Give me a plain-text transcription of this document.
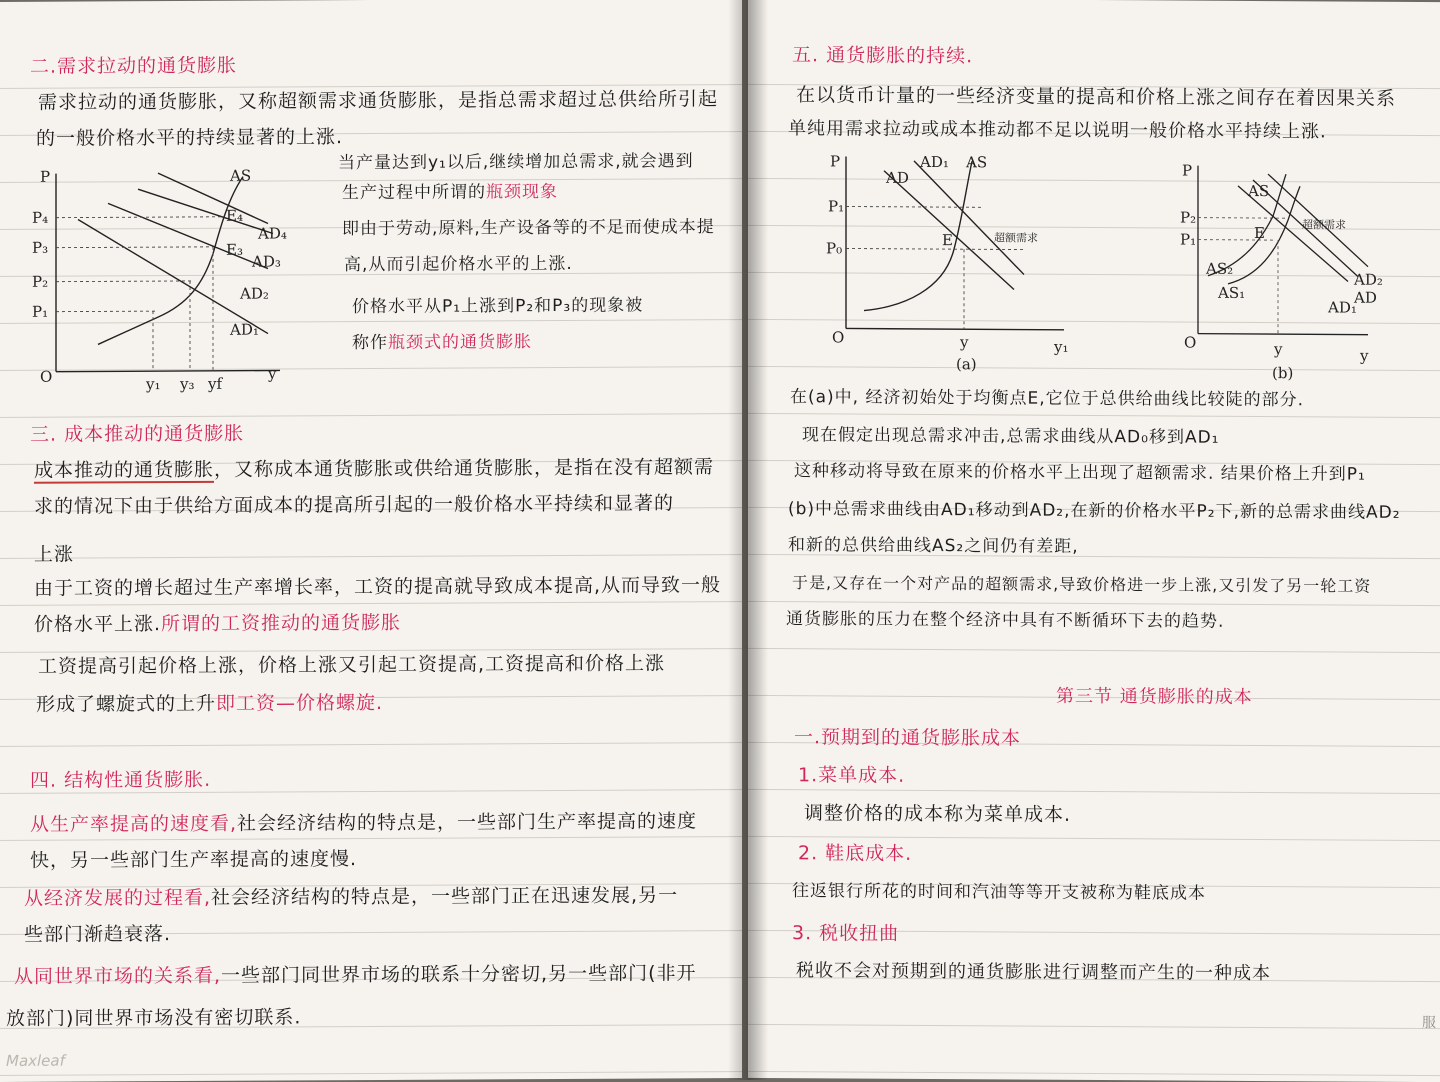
二.需求拉动的通货膨胀
需求拉动的通货膨胀，又称超额需求通货膨胀，是指总需求超过总供给所引起
的一般价格水平的持续显著的上涨.
P
P₄
P₃
P₂
P₁
O
AS
E₄
E₃
AD₄
AD₃
AD₂
AD₁
y₁ y₃ yf
y
当产量达到y₁以后,继续增加总需求,就会遇到
生产过程中所谓的瓶颈现象
即由于劳动,原料,生产设备等的不足而使成本提
高,从而引起价格水平的上涨.
价格水平从P₁上涨到P₂和P₃的现象被
称作瓶颈式的通货膨胀
三. 成本推动的通货膨胀
成本推动的通货膨胀，又称成本通货膨胀或供给通货膨胀，是指在没有超额需
求的情况下由于供给方面成本的提高所引起的一般价格水平持续和显著的
上涨
由于工资的增长超过生产率增长率，工资的提高就导致成本提高,从而导致一般
价格水平上涨.所谓的工资推动的通货膨胀
工资提高引起价格上涨，价格上涨又引起工资提高,工资提高和价格上涨
形成了螺旋式的上升即工资—价格螺旋.
四. 结构性通货膨胀.
从生产率提高的速度看,社会经济结构的特点是，一些部门生产率提高的速度
快，另一些部门生产率提高的速度慢.
从经济发展的过程看,社会经济结构的特点是，一些部门正在迅速发展,另一
些部门渐趋衰落.
从同世界市场的关系看,一些部门同世界市场的联系十分密切,另一些部门(非开
放部门)同世界市场没有密切联系.
Maxleaf
五. 通货膨胀的持续.
在以货币计量的一些经济变量的提高和价格上涨之间存在着因果关系
单纯用需求拉动或成本推动都不足以说明一般价格水平持续上涨.
P
P₁
P₀
O
AD₁
AD
AS
E	超额需求
y	y₁
(a)
P
P₂
P₁
O
AS₂
AS₁
AS
E	超额需求
AD₂
AD
AD₁
y	y
(b)
在(a)中, 经济初始处于均衡点E,它位于总供给曲线比较陡的部分.
现在假定出现总需求冲击,总需求曲线从AD₀移到AD₁
这种移动将导致在原来的价格水平上出现了超额需求. 结果价格上升到P₁
(b)中总需求曲线由AD₁移动到AD₂,在新的价格水平P₂下,新的总需求曲线AD₂
和新的总供给曲线AS₂之间仍有差距,
于是,又存在一个对产品的超额需求,导致价格进一步上涨,又引发了另一轮工资
通货膨胀的压力在整个经济中具有不断循环下去的趋势.
第三节 通货膨胀的成本
一.预期到的通货膨胀成本
1.菜单成本.
调整价格的成本称为菜单成本.
2. 鞋底成本.
往返银行所花的时间和汽油等等开支被称为鞋底成本
3. 税收扭曲
税收不会对预期到的通货膨胀进行调整而产生的一种成本
服
